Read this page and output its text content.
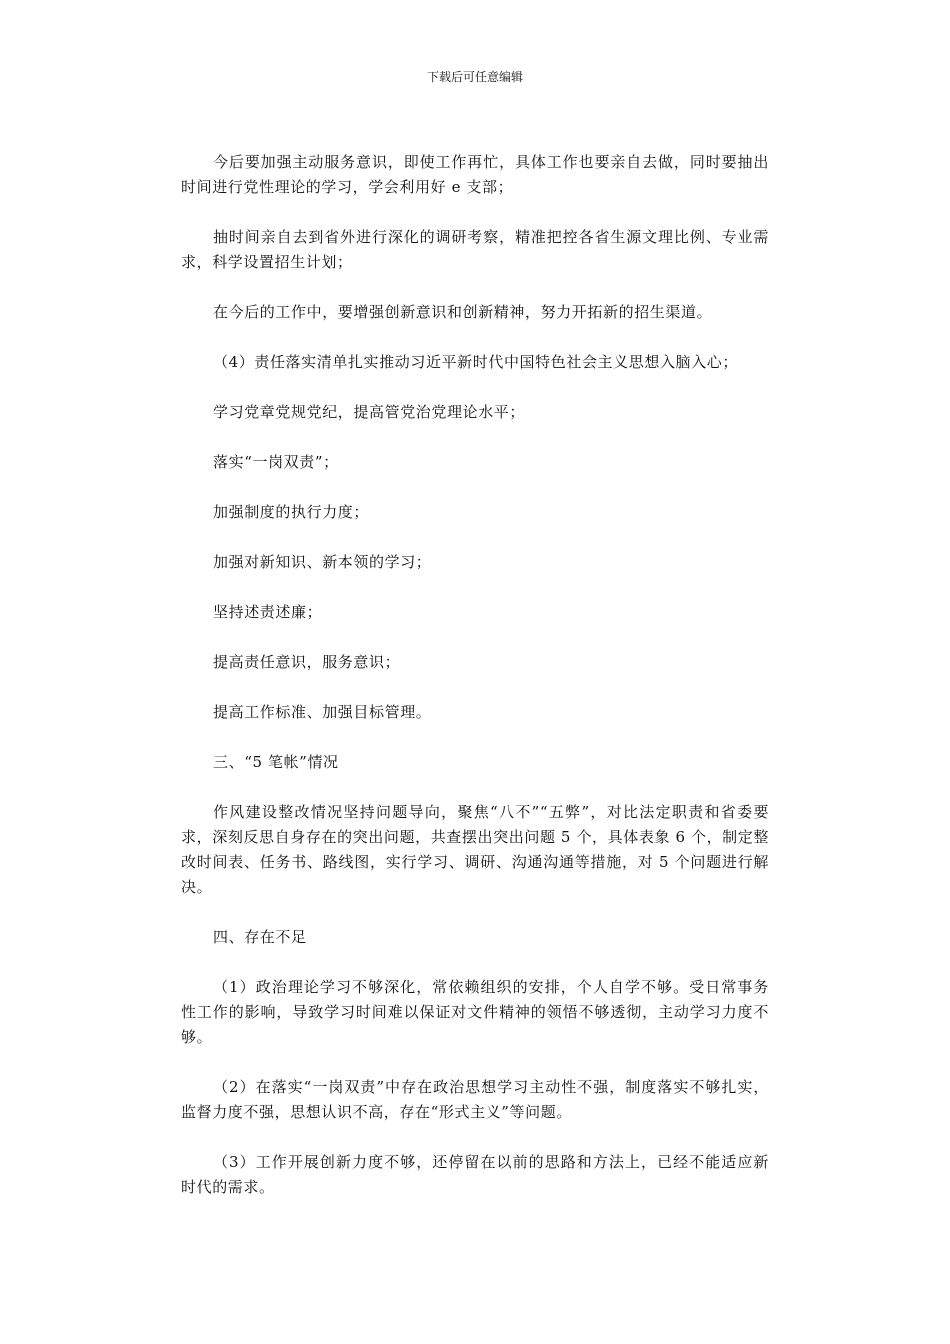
下载后可任意编辑

今后要加强主动服务意识，即使工作再忙，具体工作也要亲自去做，同时要抽出时间进行党性理论的学习，学会利用好 e 支部；

抽时间亲自去到省外进行深化的调研考察，精准把控各省生源文理比例、专业需求，科学设置招生计划；

在今后的工作中，要增强创新意识和创新精神，努力开拓新的招生渠道。

（4）责任落实清单扎实推动习近平新时代中国特色社会主义思想入脑入心；

学习党章党规党纪，提高管党治党理论水平；

落实“一岗双责”；

加强制度的执行力度；

加强对新知识、新本领的学习；

坚持述责述廉；

提高责任意识，服务意识；

提高工作标准、加强目标管理。

三、“5 笔帐”情况

作风建设整改情况坚持问题导向，聚焦“八不”“五弊”，对比法定职责和省委要求，深刻反思自身存在的突出问题，共查摆出突出问题 5 个，具体表象 6 个，制定整改时间表、任务书、路线图，实行学习、调研、沟通沟通等措施，对 5 个问题进行解决。

四、存在不足

（1）政治理论学习不够深化，常依赖组织的安排，个人自学不够。受日常事务性工作的影响，导致学习时间难以保证对文件精神的领悟不够透彻，主动学习力度不够。

（2）在落实“一岗双责”中存在政治思想学习主动性不强，制度落实不够扎实，监督力度不强，思想认识不高，存在“形式主义”等问题。

（3）工作开展创新力度不够，还停留在以前的思路和方法上，已经不能适应新时代的需求。
